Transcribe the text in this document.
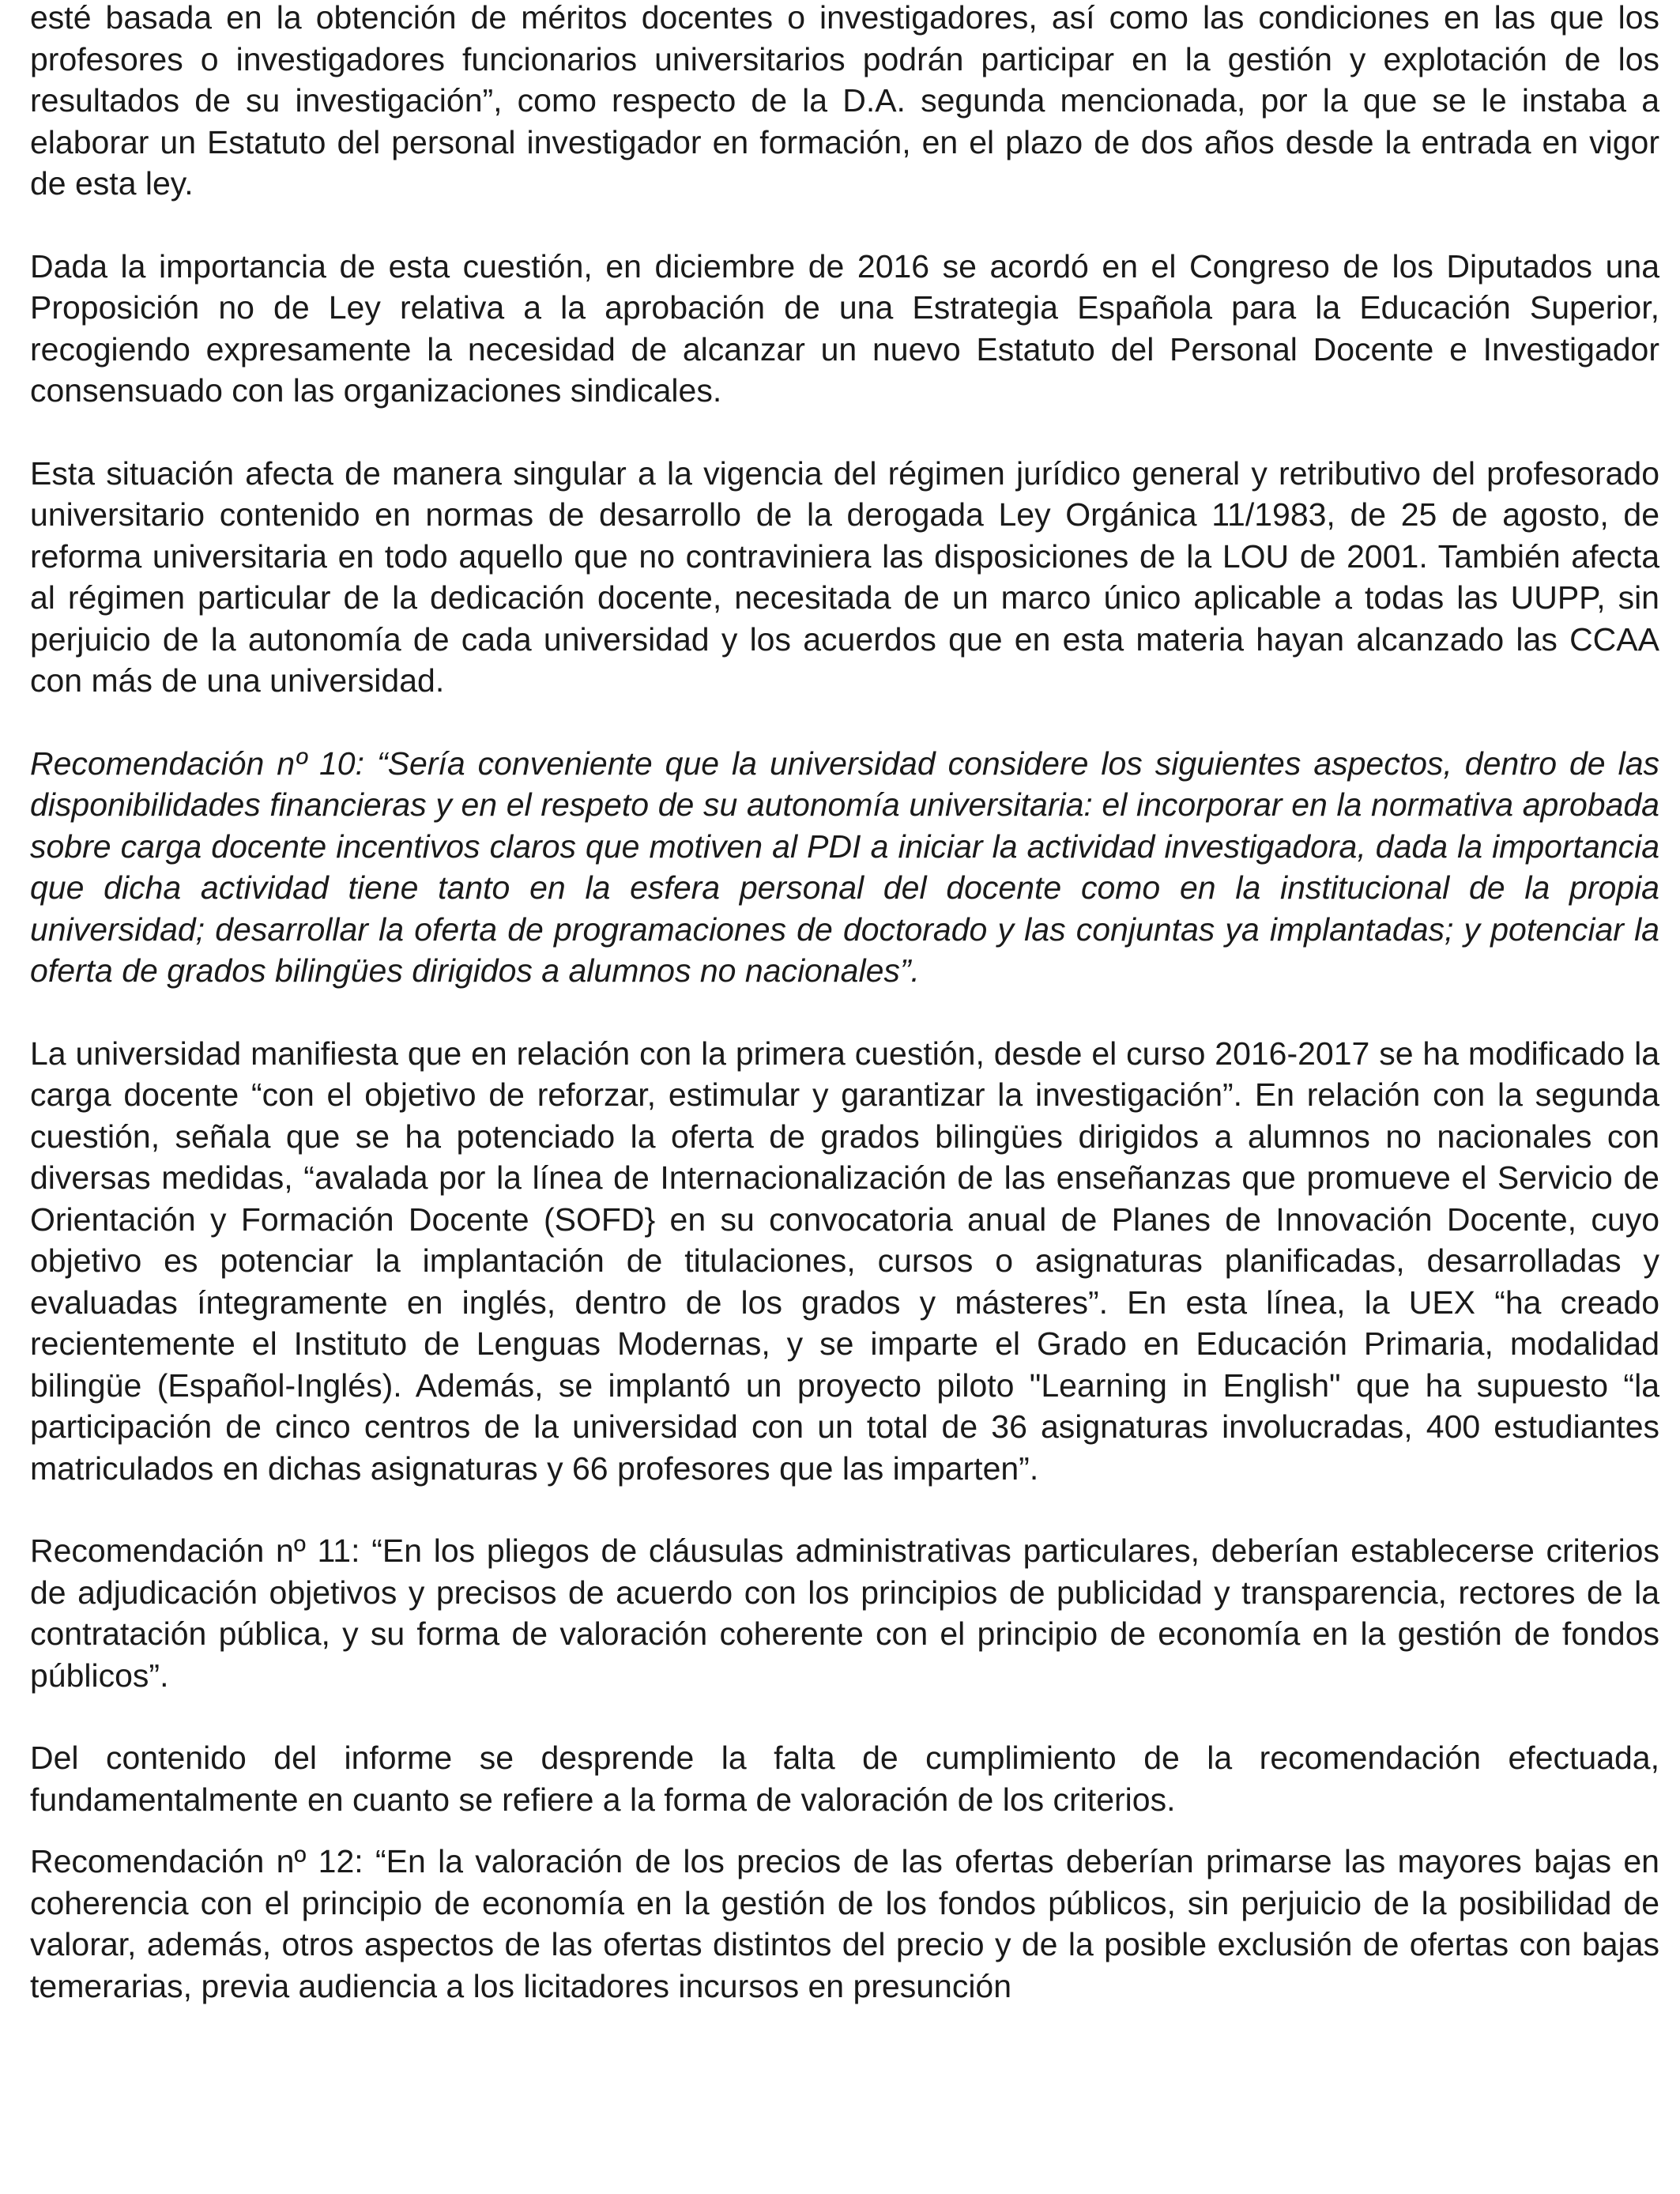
esté basada en la obtención de méritos docentes o investigadores, así como las condiciones en las que los profesores o investigadores funcionarios universitarios podrán participar en la gestión y explotación de los resultados de su investigación”, como respecto de la D.A. segunda mencionada, por la que se le instaba a elaborar un Estatuto del personal investigador en formación, en el plazo de dos años desde la entrada en vigor de esta ley.

Dada la importancia de esta cuestión, en diciembre de 2016 se acordó en el Congreso de los Diputados una Proposición no de Ley relativa a la aprobación de una Estrategia Española para la Educación Superior, recogiendo expresamente la necesidad de alcanzar un nuevo Estatuto del Personal Docente e Investigador consensuado con las organizaciones sindicales.

Esta situación afecta de manera singular a la vigencia del régimen jurídico general y retributivo del profesorado universitario contenido en normas de desarrollo de la derogada Ley Orgánica 11/1983, de 25 de agosto, de reforma universitaria en todo aquello que no contraviniera las disposiciones de la LOU de 2001. También afecta al régimen particular de la dedicación docente, necesitada de un marco único aplicable a todas las UUPP, sin perjuicio de la autonomía de cada universidad y los acuerdos que en esta materia hayan alcanzado las CCAA con más de una universidad.

Recomendación nº 10: “Sería conveniente que la universidad considere los siguientes aspectos, dentro de las disponibilidades financieras y en el respeto de su autonomía universitaria: el incorporar en la normativa aprobada sobre carga docente incentivos claros que motiven al PDI a iniciar la actividad investigadora, dada la importancia que dicha actividad tiene tanto en la esfera personal del docente como en la institucional de la propia universidad; desarrollar la oferta de programaciones de doctorado y las conjuntas ya implantadas; y potenciar la oferta de grados bilingües dirigidos a alumnos no nacionales”.

La universidad manifiesta que en relación con la primera cuestión, desde el curso 2016-2017 se ha modificado la carga docente “con el objetivo de reforzar, estimular y garantizar la investigación”. En relación con la segunda cuestión, señala que se ha potenciado la oferta de grados bilingües dirigidos a alumnos no nacionales con diversas medidas, “avalada por la línea de Internacionalización de las enseñanzas que promueve el Servicio de Orientación y Formación Docente (SOFD} en su convocatoria anual de Planes de Innovación Docente, cuyo objetivo es potenciar la implantación de titulaciones, cursos o asignaturas planificadas, desarrolladas y evaluadas íntegramente en inglés, dentro de los grados y másteres”. En esta línea, la UEX “ha creado recientemente el Instituto de Lenguas Modernas, y se imparte el Grado en Educación Primaria, modalidad bilingüe (Español-Inglés). Además, se implantó un proyecto piloto "Learning in English" que ha supuesto “la participación de cinco centros de la universidad con un total de 36 asignaturas involucradas, 400 estudiantes matriculados en dichas asignaturas y 66 profesores que las imparten”.

Recomendación nº 11: “En los pliegos de cláusulas administrativas particulares, deberían establecerse criterios de adjudicación objetivos y precisos de acuerdo con los principios de publicidad y transparencia, rectores de la contratación pública, y su forma de valoración coherente con el principio de economía en la gestión de fondos públicos”.

Del contenido del informe se desprende la falta de cumplimiento de la recomendación efectuada, fundamentalmente en cuanto se refiere a la forma de valoración de los criterios.

Recomendación nº 12: “En la valoración de los precios de las ofertas deberían primarse las mayores bajas en coherencia con el principio de economía en la gestión de los fondos públicos, sin perjuicio de la posibilidad de valorar, además, otros aspectos de las ofertas distintos del precio y de la posible exclusión de ofertas con bajas temerarias, previa audiencia a los licitadores incursos en presunción
